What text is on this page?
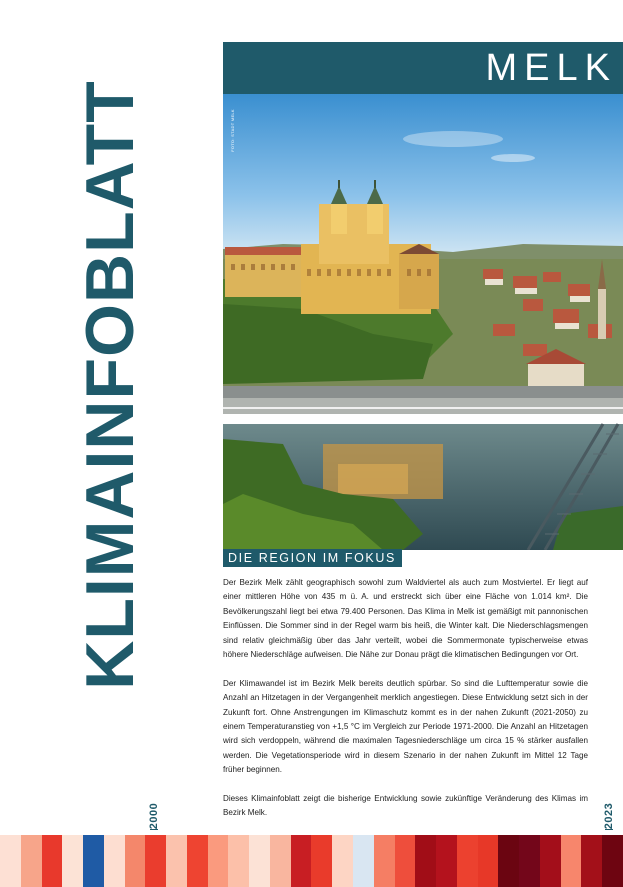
KLIMAINFOBLATT
MELK
FOTO: STADT MELK
DIE REGION IM FOKUS

Der Bezirk Melk zählt geographisch sowohl zum Waldviertel als auch zum Mostviertel. Er liegt auf einer mittleren Höhe von 435 m ü. A. und erstreckt sich über eine Fläche von 1.014 km². Die Bevölkerungszahl liegt bei etwa 79.400 Personen. Das Klima in Melk ist gemäßigt mit pannonischen Einflüssen. Die Sommer sind in der Regel warm bis heiß, die Winter kalt. Die Niederschlagsmengen sind relativ gleichmäßig über das Jahr verteilt, wobei die Sommermonate typischerweise etwas höhere Niederschläge aufweisen. Die Nähe zur Donau prägt die klimatischen Bedingungen vor Ort.

Der Klimawandel ist im Bezirk Melk bereits deutlich spürbar. So sind die Lufttemperatur sowie die Anzahl an Hitzetagen in der Vergangenheit merklich angestiegen. Diese Entwicklung setzt sich in der Zukunft fort. Ohne Anstrengungen im Klimaschutz kommt es in der nahen Zukunft (2021-2050) zu einem Temperaturanstieg von +1,5 °C im Vergleich zur Periode 1971-2000. Die Anzahl an Hitzetagen wird sich verdoppeln, während die maximalen Tagesniederschläge um circa 15 % stärker ausfallen werden. Die Vegetationsperiode wird in diesem Szenario in der nahen Zukunft im Mittel 12 Tage früher beginnen.

Dieses Klimainfoblatt zeigt die bisherige Entwicklung sowie zukünftige Veränderung des Klimas im Bezirk Melk.

2000	2023
